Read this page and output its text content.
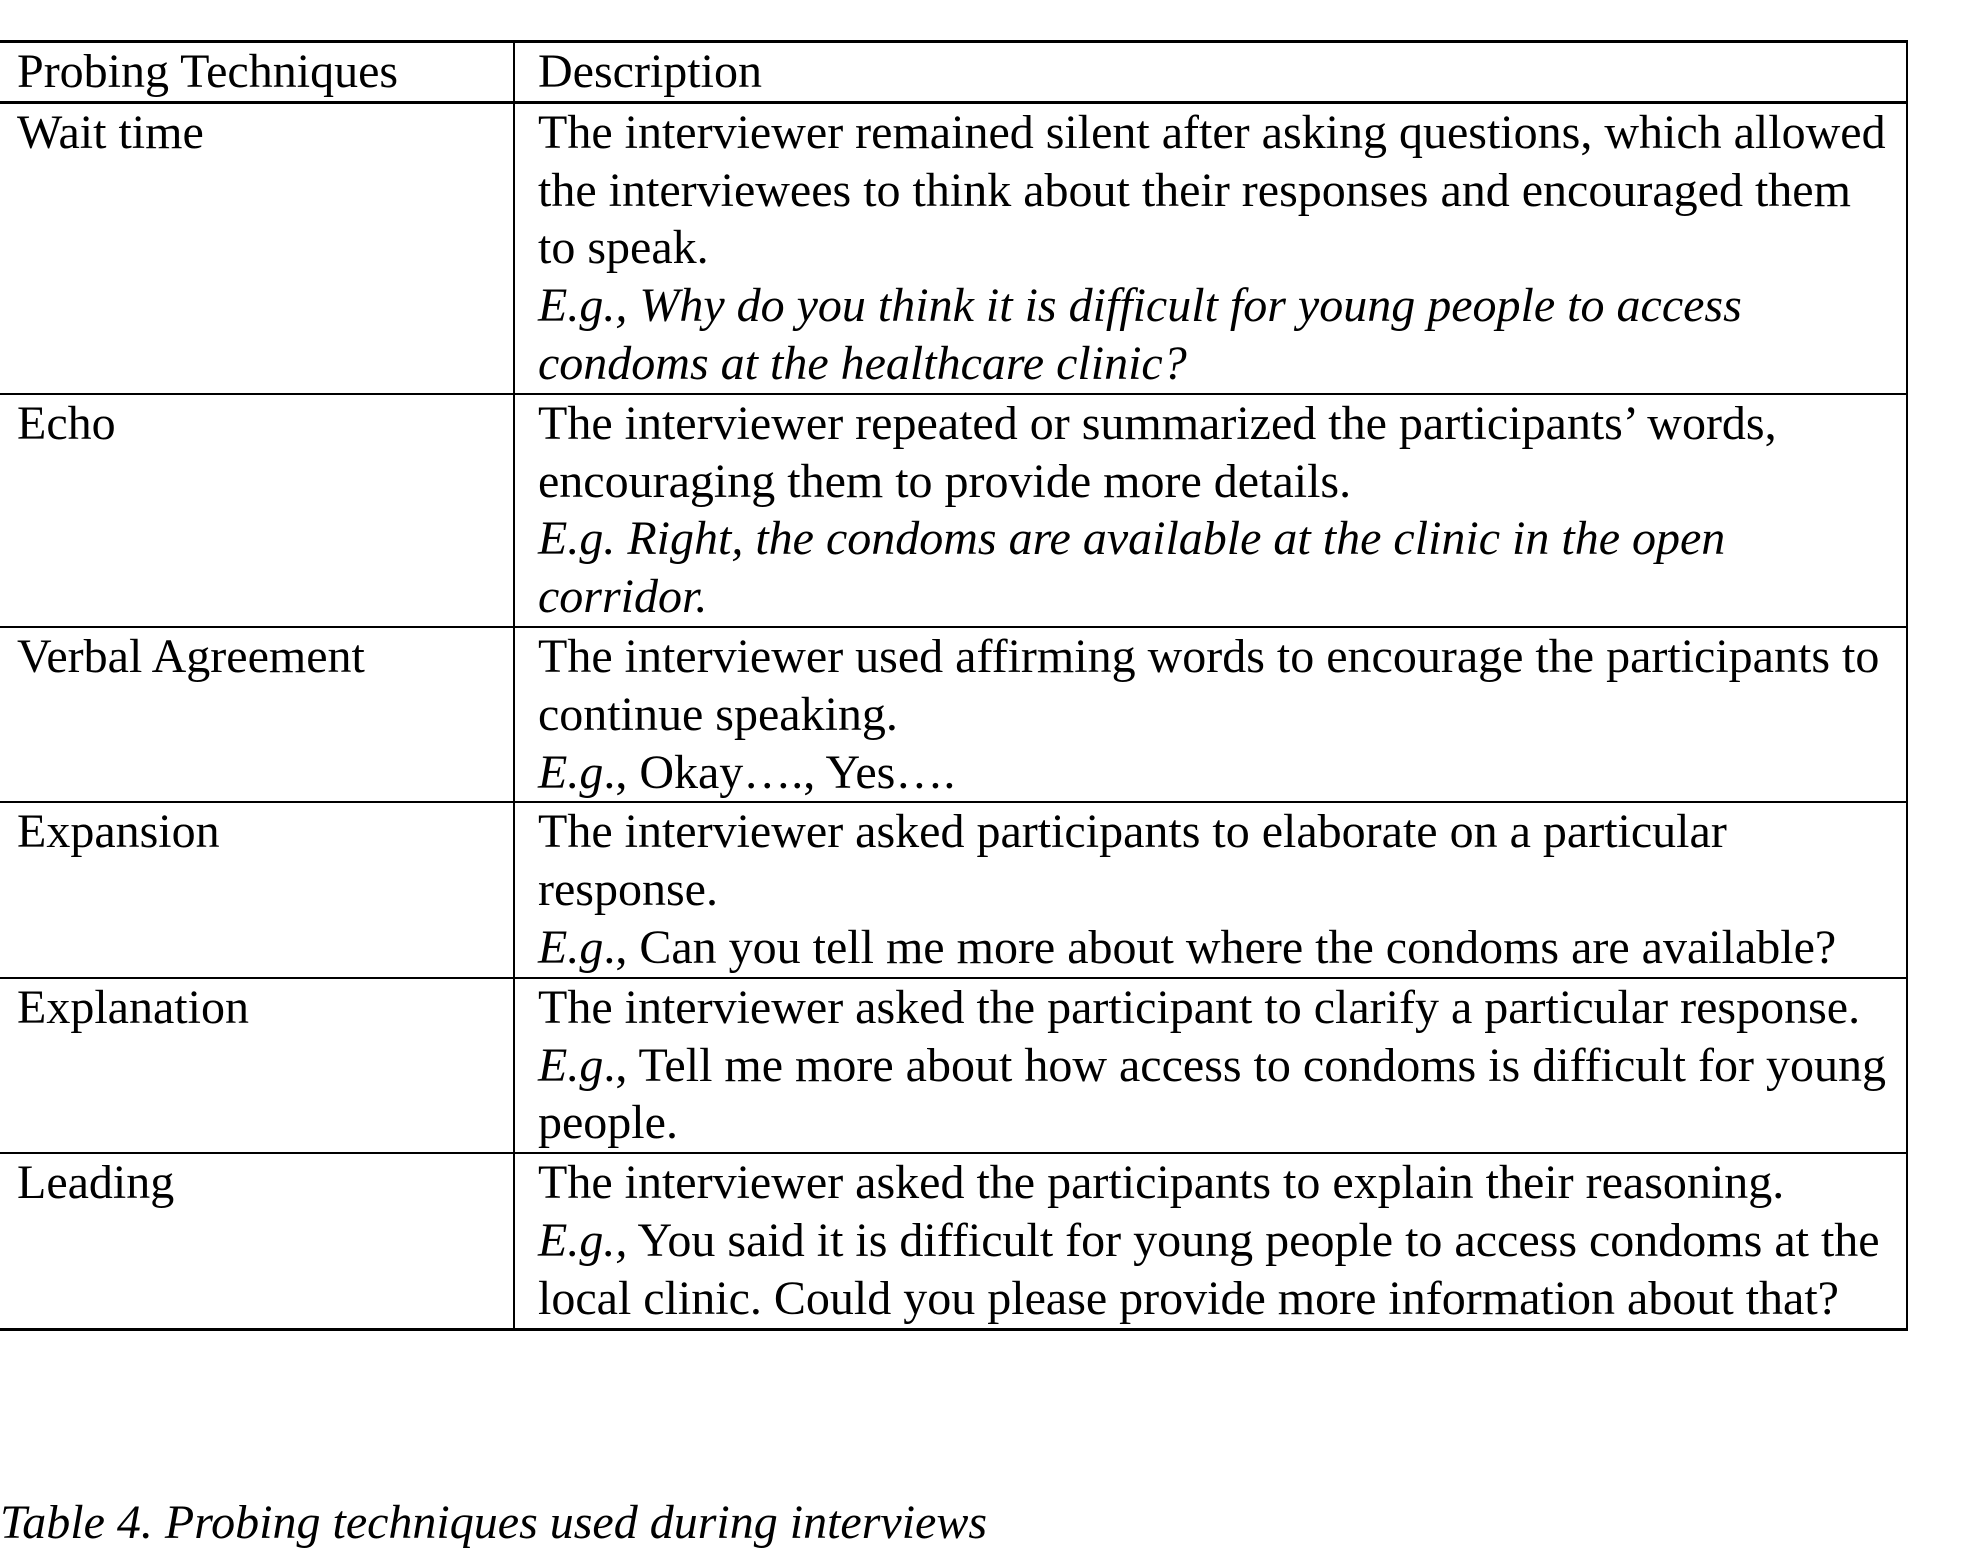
Probing Techniques	Description
Wait time	The interviewer remained silent after asking questions, which allowed the interviewees to think about their responses and encouraged them to speak.
E.g., Why do you think it is difficult for young people to access condoms at the healthcare clinic?
Echo	The interviewer repeated or summarized the participants’ words, encouraging them to provide more details.
E.g. Right, the condoms are available at the clinic in the open corridor.
Verbal Agreement	The interviewer used affirming words to encourage the participants to continue speaking.
E.g., Okay…., Yes….
Expansion	The interviewer asked participants to elaborate on a particular response.
E.g., Can you tell me more about where the condoms are available?
Explanation	The interviewer asked the participant to clarify a particular response.
E.g., Tell me more about how access to condoms is difficult for young people.
Leading	The interviewer asked the participants to explain their reasoning.
E.g., You said it is difficult for young people to access condoms at the local clinic. Could you please provide more information about that?
Table 4. Probing techniques used during interviews
